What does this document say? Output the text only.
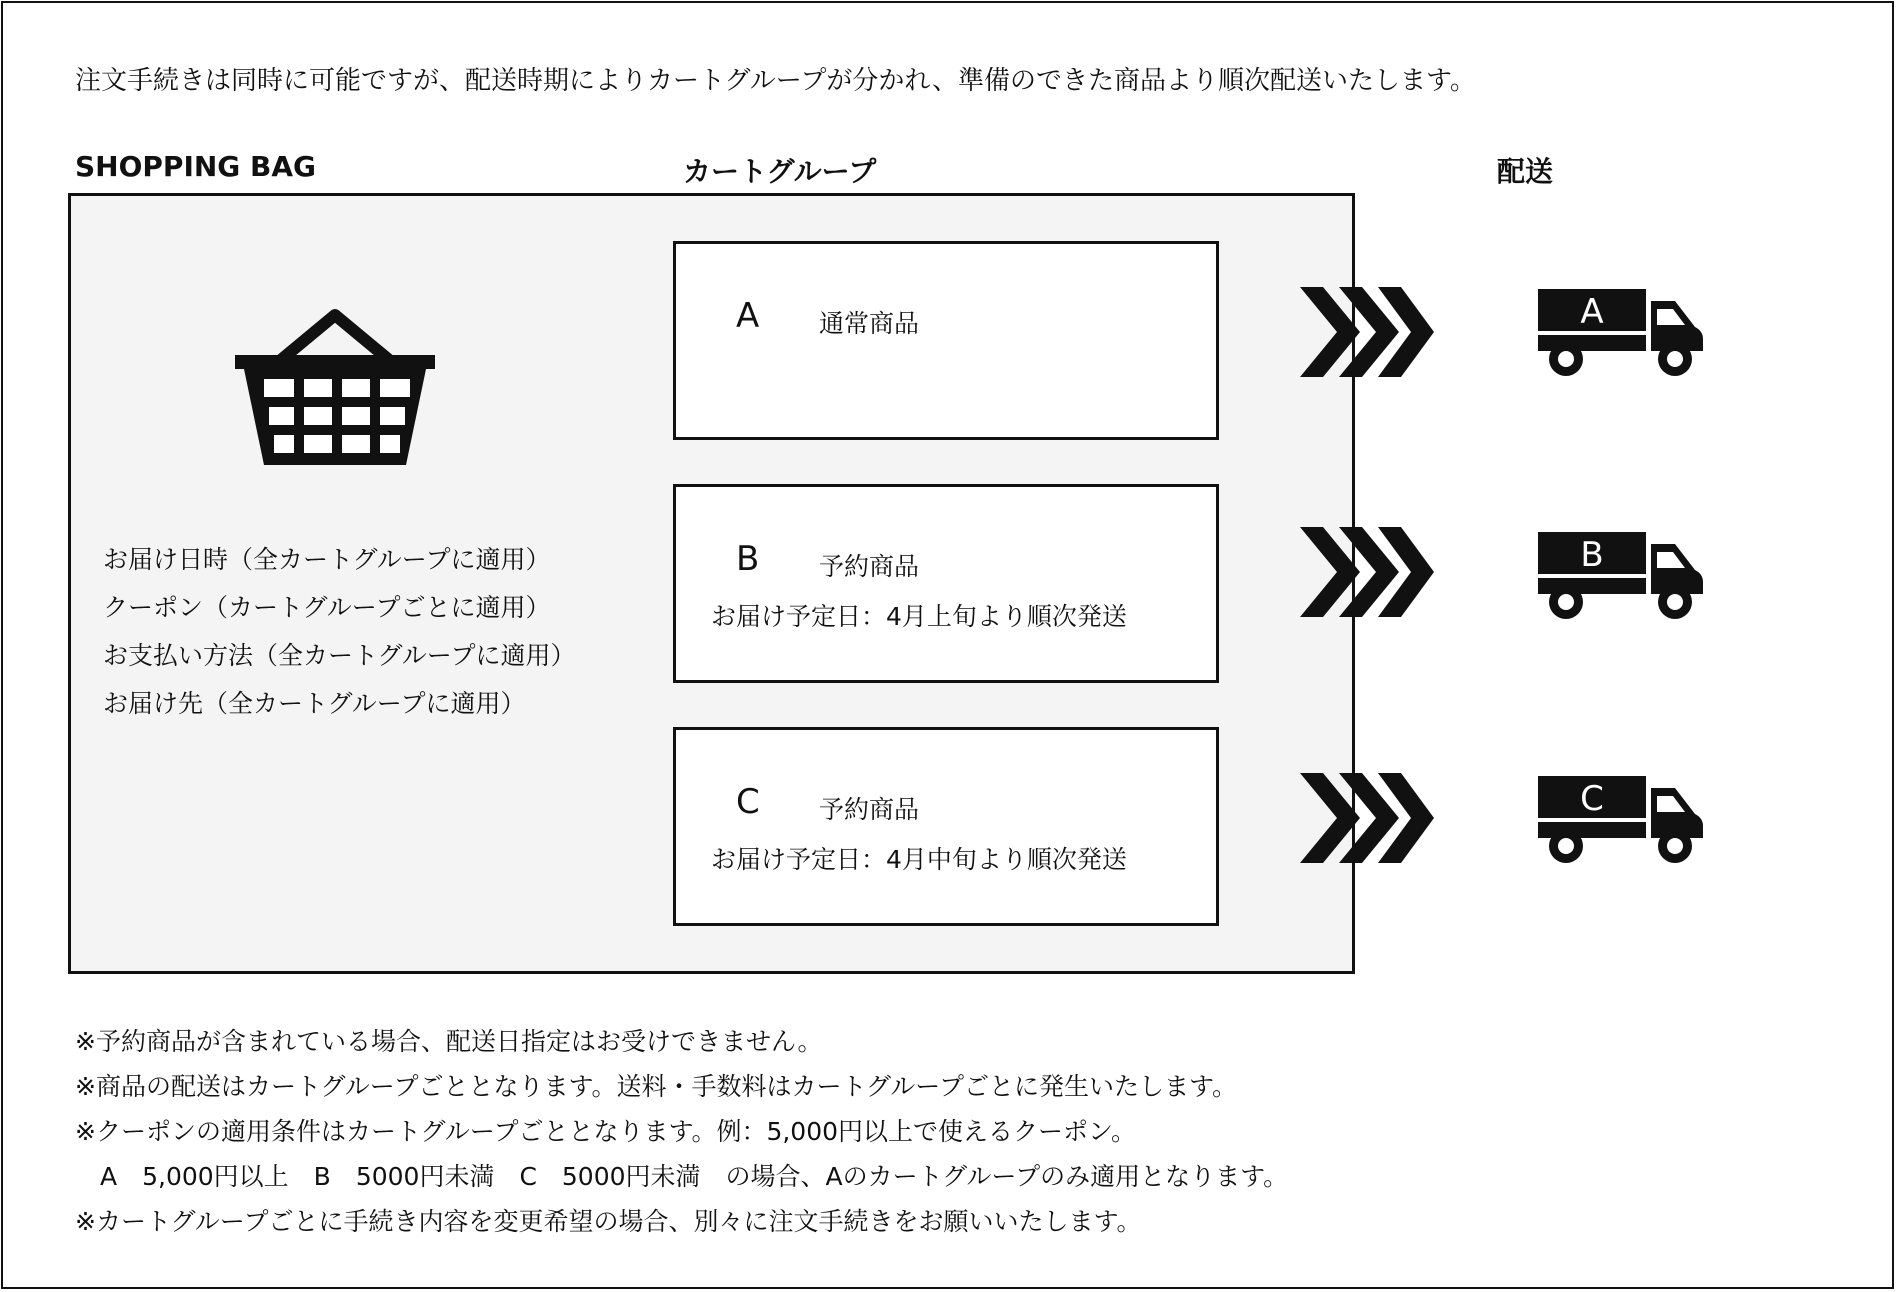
注文手続きは同時に可能ですが、配送時期によりカートグループが分かれ、準備のできた商品より順次配送いたします。
SHOPPING BAG	カートグループ	配送
お届け日時（全カートグループに適用）
クーポン（カートグループごとに適用）
お支払い方法（全カートグループに適用）
お届け先（全カートグループに適用）
A 通常商品
B 予約商品
お届け予定日：4月上旬より順次発送
C 予約商品
お届け予定日：4月中旬より順次発送
A
B
C
※予約商品が含まれている場合、配送日指定はお受けできません。
※商品の配送はカートグループごととなります。送料・手数料はカートグループごとに発生いたします。
※クーポンの適用条件はカートグループごととなります。例：5,000円以上で使えるクーポン。
　A　5,000円以上　B　5000円未満　C　5000円未満　の場合、Aのカートグループのみ適用となります。
※カートグループごとに手続き内容を変更希望の場合、別々に注文手続きをお願いいたします。
